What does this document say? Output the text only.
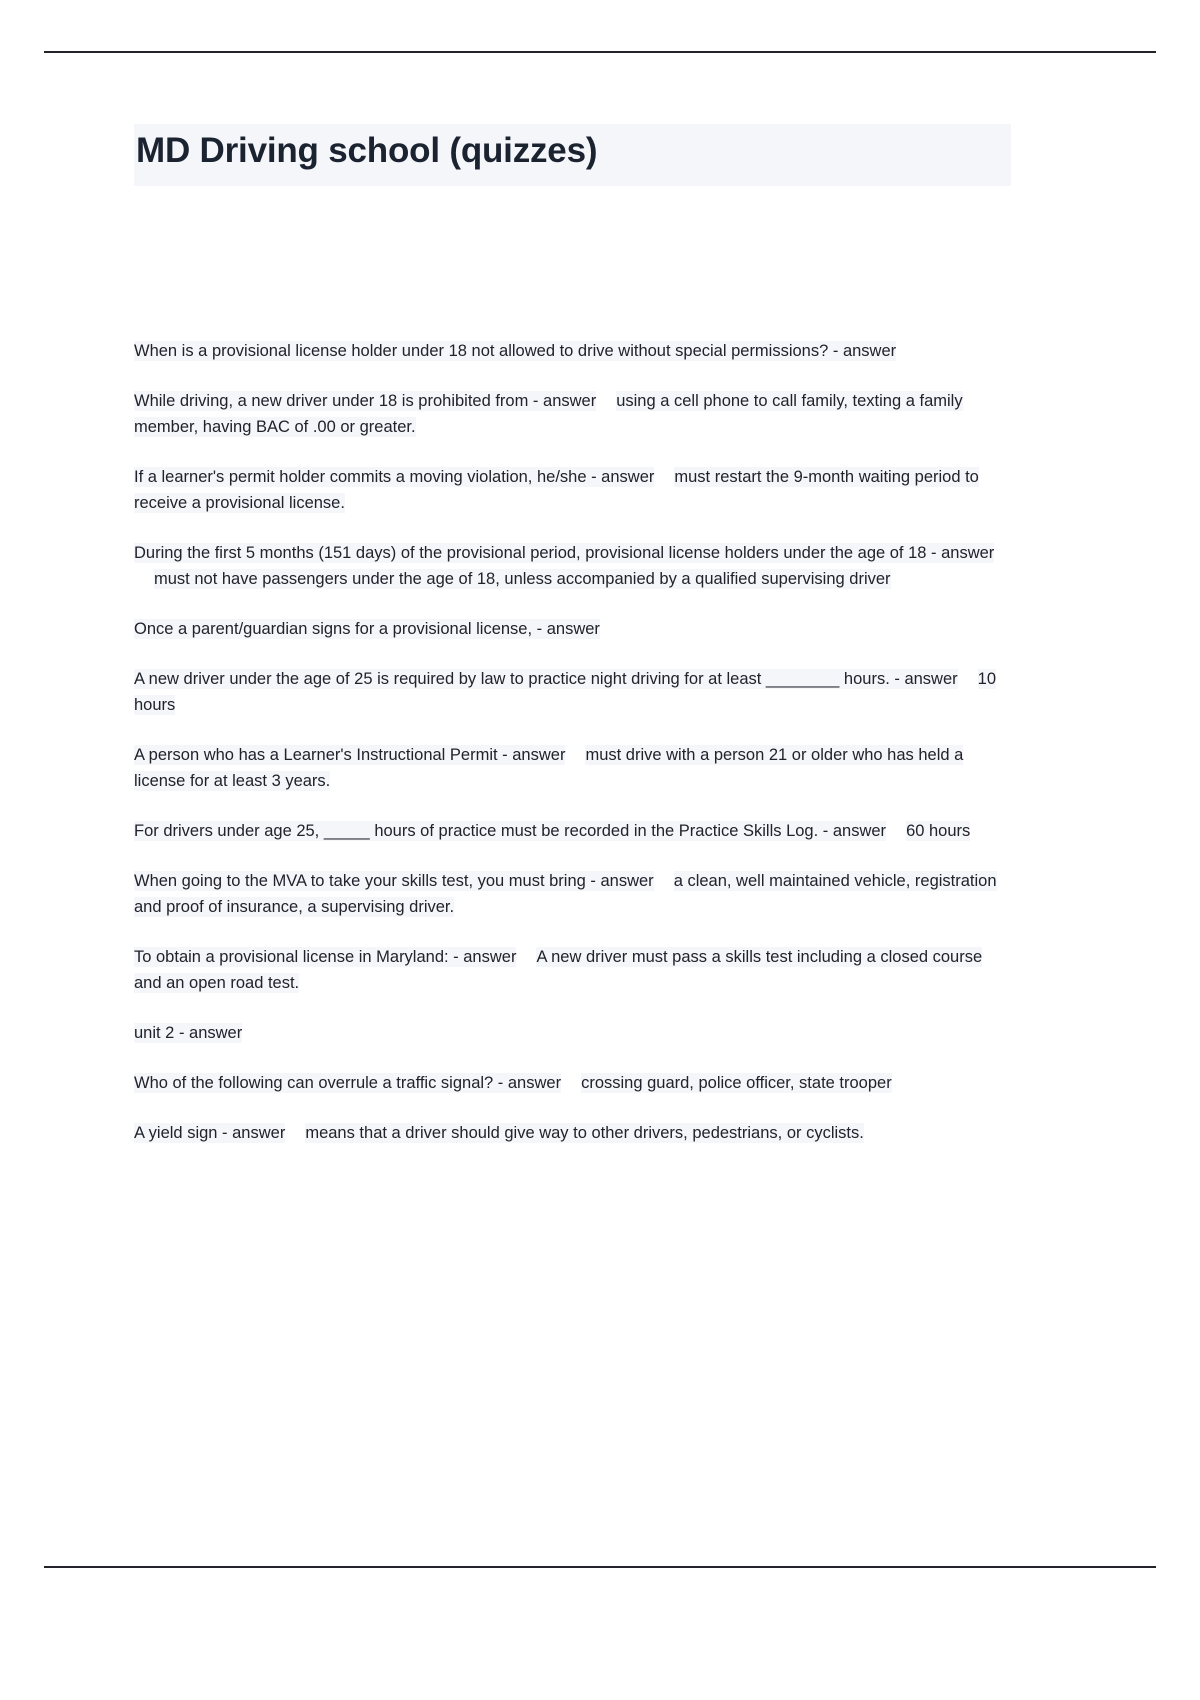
MD Driving school (quizzes)
When is a provisional license holder under 18 not allowed to drive without special permissions? - answer
While driving, a new driver under 18 is prohibited from - answer using a cell phone to call family, texting a family member, having BAC of .00 or greater.
If a learner's permit holder commits a moving violation, he/she - answer must restart the 9-month waiting period to receive a provisional license.
During the first 5 months (151 days) of the provisional period, provisional license holders under the age of 18 - answermust not have passengers under the age of 18, unless accompanied by a qualified supervising driver
Once a parent/guardian signs for a provisional license, - answer
A new driver under the age of 25 is required by law to practice night driving for at least ________ hours. - answer 10 hours
A person who has a Learner's Instructional Permit - answer must drive with a person 21 or older who has held a license for at least 3 years.
For drivers under age 25, _____ hours of practice must be recorded in the Practice Skills Log. - answer 60 hours
When going to the MVA to take your skills test, you must bring - answer a clean, well maintained vehicle, registration and proof of insurance, a supervising driver.
To obtain a provisional license in Maryland: - answer A new driver must pass a skills test including a closed course and an open road test.
unit 2 - answer
Who of the following can overrule a traffic signal? - answer crossing guard, police officer, state trooper
A yield sign - answer means that a driver should give way to other drivers, pedestrians, or cyclists.
